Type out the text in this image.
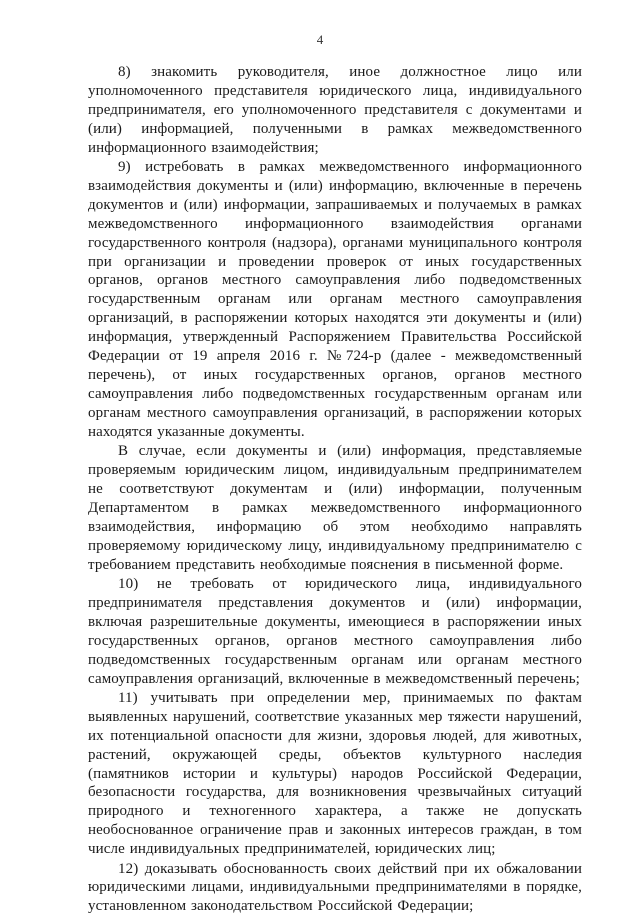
4

8) знакомить руководителя, иное должностное лицо или уполномоченного представителя юридического лица, индивидуального предпринимателя, его уполномоченного представителя с документами и (или) информацией, полученными в рамках межведомственного информационного взаимодействия;

9) истребовать в рамках межведомственного информационного взаимодействия документы и (или) информацию, включенные в перечень документов и (или) информации, запрашиваемых и получаемых в рамках межведомственного информационного взаимодействия органами государственного контроля (надзора), органами муниципального контроля при организации и проведении проверок от иных государственных органов, органов местного самоуправления либо подведомственных государственным органам или органам местного самоуправления организаций, в распоряжении которых находятся эти документы и (или) информация, утвержденный Распоряжением Правительства Российской Федерации от 19 апреля 2016 г. №724-р (далее - межведомственный перечень), от иных государственных органов, органов местного самоуправления либо подведомственных государственным органам или органам местного самоуправления организаций, в распоряжении которых находятся указанные документы.

В случае, если документы и (или) информация, представляемые проверяемым юридическим лицом, индивидуальным предпринимателем не соответствуют документам и (или) информации, полученным Департаментом в рамках межведомственного информационного взаимодействия, информацию об этом необходимо направлять проверяемому юридическому лицу, индивидуальному предпринимателю с требованием представить необходимые пояснения в письменной форме.

10) не требовать от юридического лица, индивидуального предпринимателя представления документов и (или) информации, включая разрешительные документы, имеющиеся в распоряжении иных государственных органов, органов местного самоуправления либо подведомственных государственным органам или органам местного самоуправления организаций, включенные в межведомственный перечень;

11) учитывать при определении мер, принимаемых по фактам выявленных нарушений, соответствие указанных мер тяжести нарушений, их потенциальной опасности для жизни, здоровья людей, для животных, растений, окружающей среды, объектов культурного наследия (памятников истории и культуры) народов Российской Федерации, безопасности государства, для возникновения чрезвычайных ситуаций природного и техногенного характера, а также не допускать необоснованное ограничение прав и законных интересов граждан, в том числе индивидуальных предпринимателей, юридических лиц;

12) доказывать обоснованность своих действий при их обжаловании юридическими лицами, индивидуальными предпринимателями в порядке, установленном законодательством Российской Федерации;
